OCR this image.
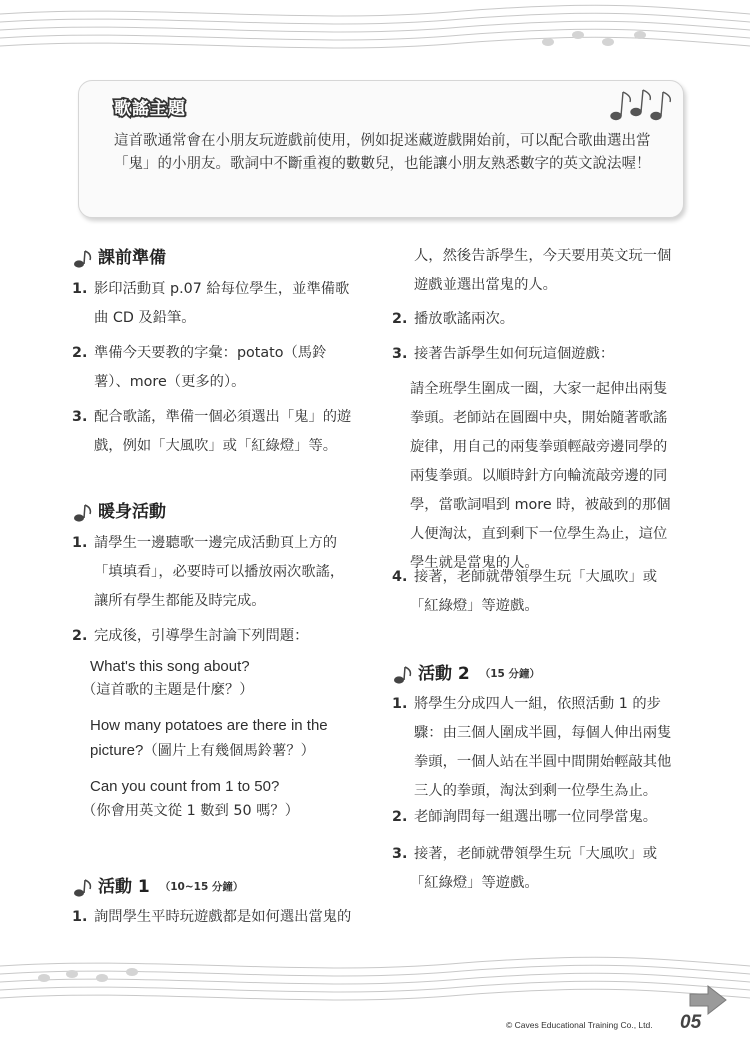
歌謠主題
這首歌通常會在小朋友玩遊戲前使用，例如捉迷藏遊戲開始前，可以配合歌曲選出當「鬼」的小朋友。歌詞中不斷重複的數數兒，也能讓小朋友熟悉數字的英文說法喔！
課前準備
1. 影印活動頁 p.07 給每位學生，並準備歌
曲 CD 及鉛筆。
2. 準備今天要教的字彙：potato（馬鈴
薯）、more（更多的）。
3. 配合歌謠，準備一個必須選出「鬼」的遊
戲，例如「大風吹」或「紅綠燈」等。
暖身活動
1. 請學生一邊聽歌一邊完成活動頁上方的
「填填看」，必要時可以播放兩次歌謠，
讓所有學生都能及時完成。
2. 完成後，引導學生討論下列問題：
What's this song about?
（這首歌的主題是什麼？）
How many potatoes are there in the
picture?（圖片上有幾個馬鈴薯？）
Can you count from 1 to 50?
（你會用英文從 1 數到 50 嗎？）
活動 1 （10~15 分鐘）
1. 詢問學生平時玩遊戲都是如何選出當鬼的
人，然後告訴學生，今天要用英文玩一個
遊戲並選出當鬼的人。
2. 播放歌謠兩次。
3. 接著告訴學生如何玩這個遊戲：
請全班學生圍成一圈，大家一起伸出兩隻
拳頭。老師站在圓圈中央，開始隨著歌謠
旋律，用自己的兩隻拳頭輕敲旁邊同學的
兩隻拳頭。以順時針方向輪流敲旁邊的同
學，當歌詞唱到 more 時，被敲到的那個
人便淘汰，直到剩下一位學生為止，這位
學生就是當鬼的人。
4. 接著，老師就帶領學生玩「大風吹」或
「紅綠燈」等遊戲。
活動 2 （15 分鐘）
1. 將學生分成四人一組，依照活動 1 的步
驟：由三個人圍成半圓，每個人伸出兩隻
拳頭，一個人站在半圓中間開始輕敲其他
三人的拳頭，淘汰到剩一位學生為止。
2. 老師詢問每一組選出哪一位同學當鬼。
3. 接著，老師就帶領學生玩「大風吹」或
「紅綠燈」等遊戲。
© Caves Educational Training Co., Ltd. 05
